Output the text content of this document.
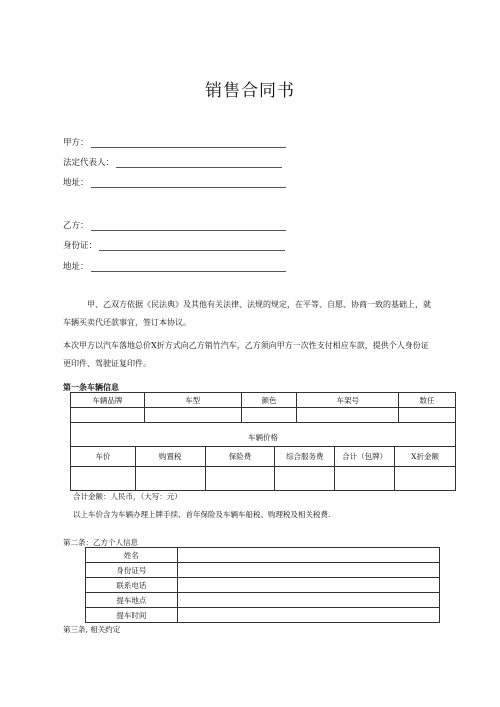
销售合同书
甲方：
法定代表人：
地址：
乙方：
身份证：
地址：
甲、乙双方依据《民法典》及其他有关法律、法规的规定，在平等、自愿、协商一致的基础上，就车辆买卖代还款事宜，签订本协议。
本次甲方以汽车落地总价X折方式向乙方销竹汽车，乙方须向甲方一次性支付相应车款，提供个人身份证更印件、驾驶证复印件。
第一条车辆信息
车辆品牌	车型	颜色	车架号	数任

车辆价格					
车价	购置税	保险费	综合服务费	合计（包牌）	X折金额

合计金额：人民币，（大写：元）
以上车价含为车辆办理上牌手续、首年保险及车辆车船税、购理税及相关税费.
第二条：乙方个人信息
姓名	
身份证号	
联系电话	
提车地点	
提车时间	
第三条, 相关约定
